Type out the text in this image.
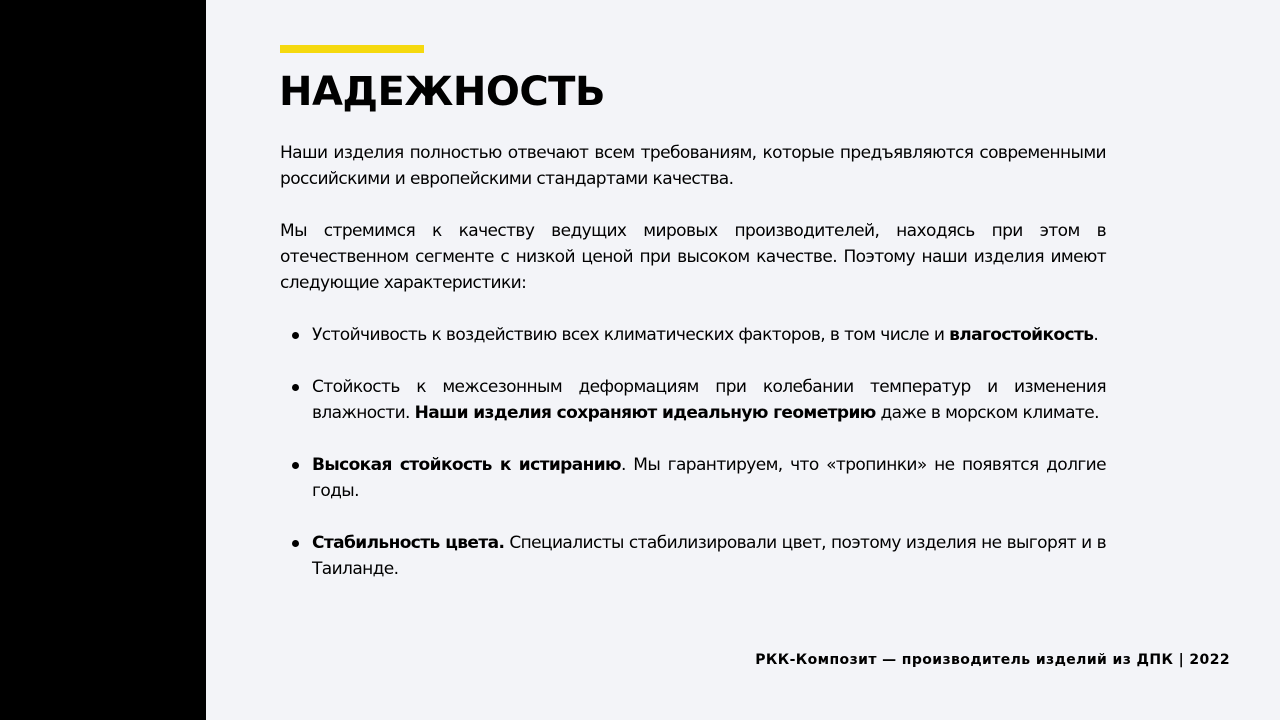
НАДЕЖНОСТЬ

Наши изделия полностью отвечают всем требованиям, которые предъявляются современными российскими и европейскими стандартами качества.

Мы стремимся к качеству ведущих мировых производителей, находясь при этом в отечественном сегменте с низкой ценой при высоком качестве. Поэтому наши изделия имеют следующие характеристики:

Устойчивость к воздействию всех климатических факторов, в том числе и влагостойкость.
Стойкость к межсезонным деформациям при колебании температур и изменения влажности. Наши изделия сохраняют идеальную геометрию даже в морском климате.
Высокая стойкость к истиранию. Мы гарантируем, что «тропинки» не появятся долгие годы.
Стабильность цвета. Специалисты стабилизировали цвет, поэтому изделия не выгорят и в Таиланде.
РКК-Композит — производитель изделий из ДПК | 2022
